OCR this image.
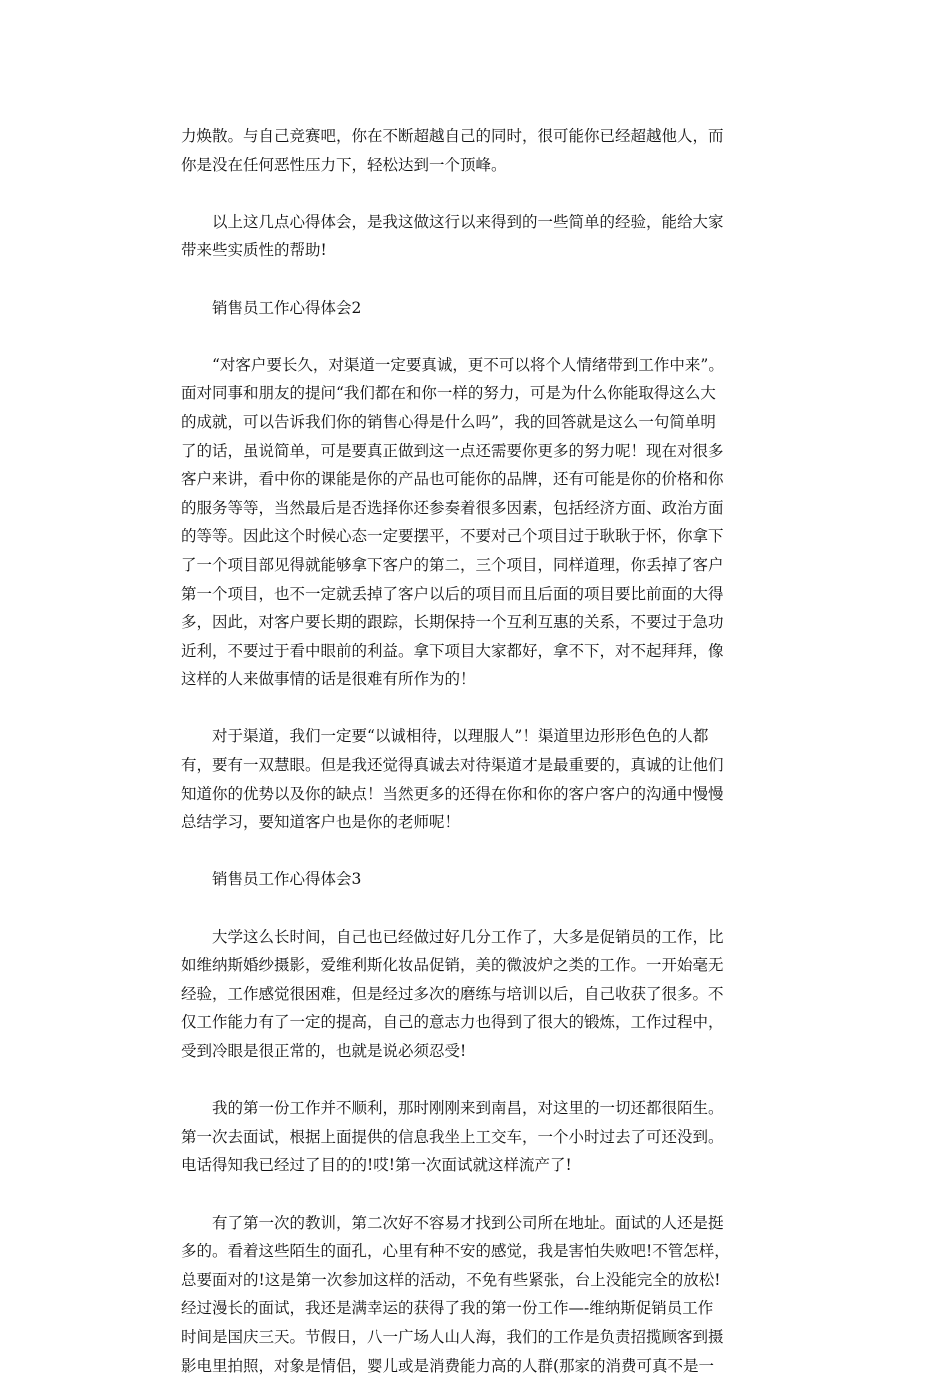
力焕散。与自己竞赛吧，你在不断超越自己的同时，很可能你已经超越他人，而
你是没在任何恶性压力下，轻松达到一个顶峰。
　　以上这几点心得体会，是我这做这行以来得到的一些简单的经验，能给大家
带来些实质性的帮助!
　　销售员工作心得体会2
　　“对客户要长久，对渠道一定要真诚，更不可以将个人情绪带到工作中来”。
面对同事和朋友的提问“我们都在和你一样的努力，可是为什么你能取得这么大
的成就，可以告诉我们你的销售心得是什么吗”，我的回答就是这么一句简单明
了的话，虽说简单，可是要真正做到这一点还需要你更多的努力呢！现在对很多
客户来讲，看中你的课能是你的产品也可能你的品牌，还有可能是你的价格和你
的服务等等，当然最后是否选择你还参奏着很多因素，包括经济方面、政治方面
的等等。因此这个时候心态一定要摆平，不要对己个项目过于耿耿于怀，你拿下
了一个项目部见得就能够拿下客户的第二，三个项目，同样道理，你丢掉了客户
第一个项目，也不一定就丢掉了客户以后的项目而且后面的项目要比前面的大得
多，因此，对客户要长期的跟踪，长期保持一个互利互惠的关系，不要过于急功
近利，不要过于看中眼前的利益。拿下项目大家都好，拿不下，对不起拜拜，像
这样的人来做事情的话是很难有所作为的！
　　对于渠道，我们一定要“以诚相待，以理服人”！渠道里边形形色色的人都
有，要有一双慧眼。但是我还觉得真诚去对待渠道才是最重要的，真诚的让他们
知道你的优势以及你的缺点！当然更多的还得在你和你的客户客户的沟通中慢慢
总结学习，要知道客户也是你的老师呢！
　　销售员工作心得体会3
　　大学这么长时间，自己也已经做过好几分工作了，大多是促销员的工作，比
如维纳斯婚纱摄影，爱维利斯化妆品促销，美的微波炉之类的工作。一开始毫无
经验，工作感觉很困难，但是经过多次的磨练与培训以后，自己收获了很多。不
仅工作能力有了一定的提高，自己的意志力也得到了很大的锻炼，工作过程中，
受到冷眼是很正常的，也就是说必须忍受!
　　我的第一份工作并不顺利，那时刚刚来到南昌，对这里的一切还都很陌生。
第一次去面试，根据上面提供的信息我坐上工交车，一个小时过去了可还没到。
电话得知我已经过了目的的!哎!第一次面试就这样流产了!
　　有了第一次的教训，第二次好不容易才找到公司所在地址。面试的人还是挺
多的。看着这些陌生的面孔，心里有种不安的感觉，我是害怕失败吧!不管怎样，
总要面对的!这是第一次参加这样的活动，不免有些紧张，台上没能完全的放松!
经过漫长的面试，我还是满幸运的获得了我的第一份工作—-维纳斯促销员工作
时间是国庆三天。节假日，八一广场人山人海，我们的工作是负责招揽顾客到摄
影电里拍照，对象是情侣，婴儿或是消费能力高的人群(那家的消费可真不是一
